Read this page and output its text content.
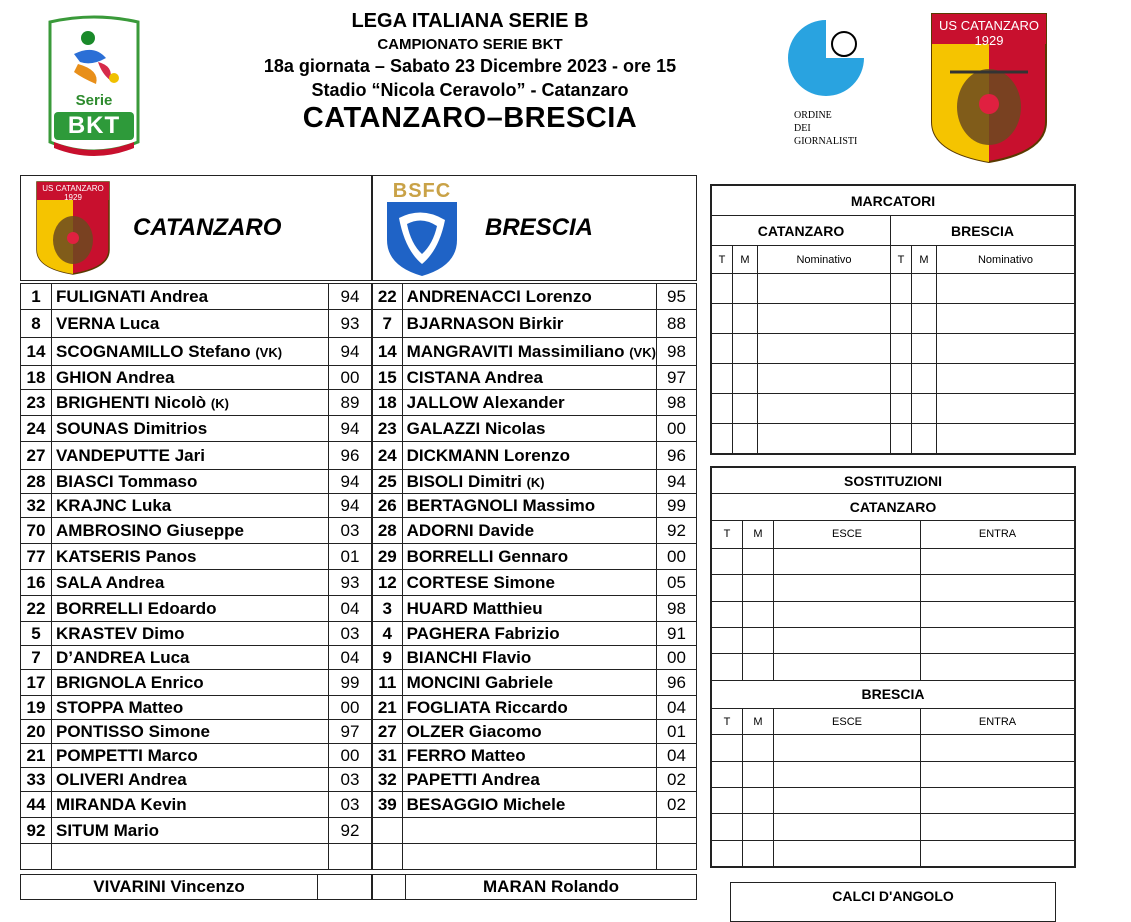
LEGA ITALIANA SERIE B
CAMPIONATO SERIE BKT
18a giornata – Sabato 23 Dicembre 2023 - ore 15
Stadio “Nicola Ceravolo” - Catanzaro
CATANZARO–BRESCIA
Serie
BKT	ORDINE
DEI
GIORNALISTI
US CATANZARO 1929
US CATANZARO 1929
CATANZARO
BSFC
BRESCIA
1	FULIGNATI Andrea	94
8	VERNA Luca	93
14	SCOGNAMILLO Stefano (VK)	94
18	GHION Andrea	00
23	BRIGHENTI Nicolò (K)	89
24	SOUNAS Dimitrios	94
27	VANDEPUTTE Jari	96
28	BIASCI Tommaso	94
32	KRAJNC Luka	94
70	AMBROSINO Giuseppe	03
77	KATSERIS Panos	01
16	SALA Andrea	93
22	BORRELLI Edoardo	04
5	KRASTEV Dimo	03
7	D’ANDREA Luca	04
17	BRIGNOLA Enrico	99
19	STOPPA Matteo	00
20	PONTISSO Simone	97
21	POMPETTI Marco	00
33	OLIVERI Andrea	03
44	MIRANDA Kevin	03
92	SITUM Mario	92

22	ANDRENACCI Lorenzo	95
7	BJARNASON Birkir	88
14	MANGRAVITI Massimiliano (VK)	98
15	CISTANA Andrea	97
18	JALLOW Alexander	98
23	GALAZZI Nicolas	00
24	DICKMANN Lorenzo	96
25	BISOLI Dimitri (K)	94
26	BERTAGNOLI Massimo	99
28	ADORNI Davide	92
29	BORRELLI Gennaro	00
12	CORTESE Simone	05
3	HUARD Matthieu	98
4	PAGHERA Fabrizio	91
9	BIANCHI Flavio	00
11	MONCINI Gabriele	96
21	FOGLIATA Riccardo	04
27	OLZER Giacomo	01
31	FERRO Matteo	04
32	PAPETTI Andrea	02
39	BESAGGIO Michele	02

VIVARINI Vincenzo	MARAN Rolando
MARCATORI					
CATANZARO			BRESCIA		
T	M	Nominativo	T	M	Nominativo

SOSTITUZIONI			
CATANZARO			
T	M	ESCE	ENTRA

BRESCIA			
T	M	ESCE	ENTRA

CALCI D'ANGOLO
